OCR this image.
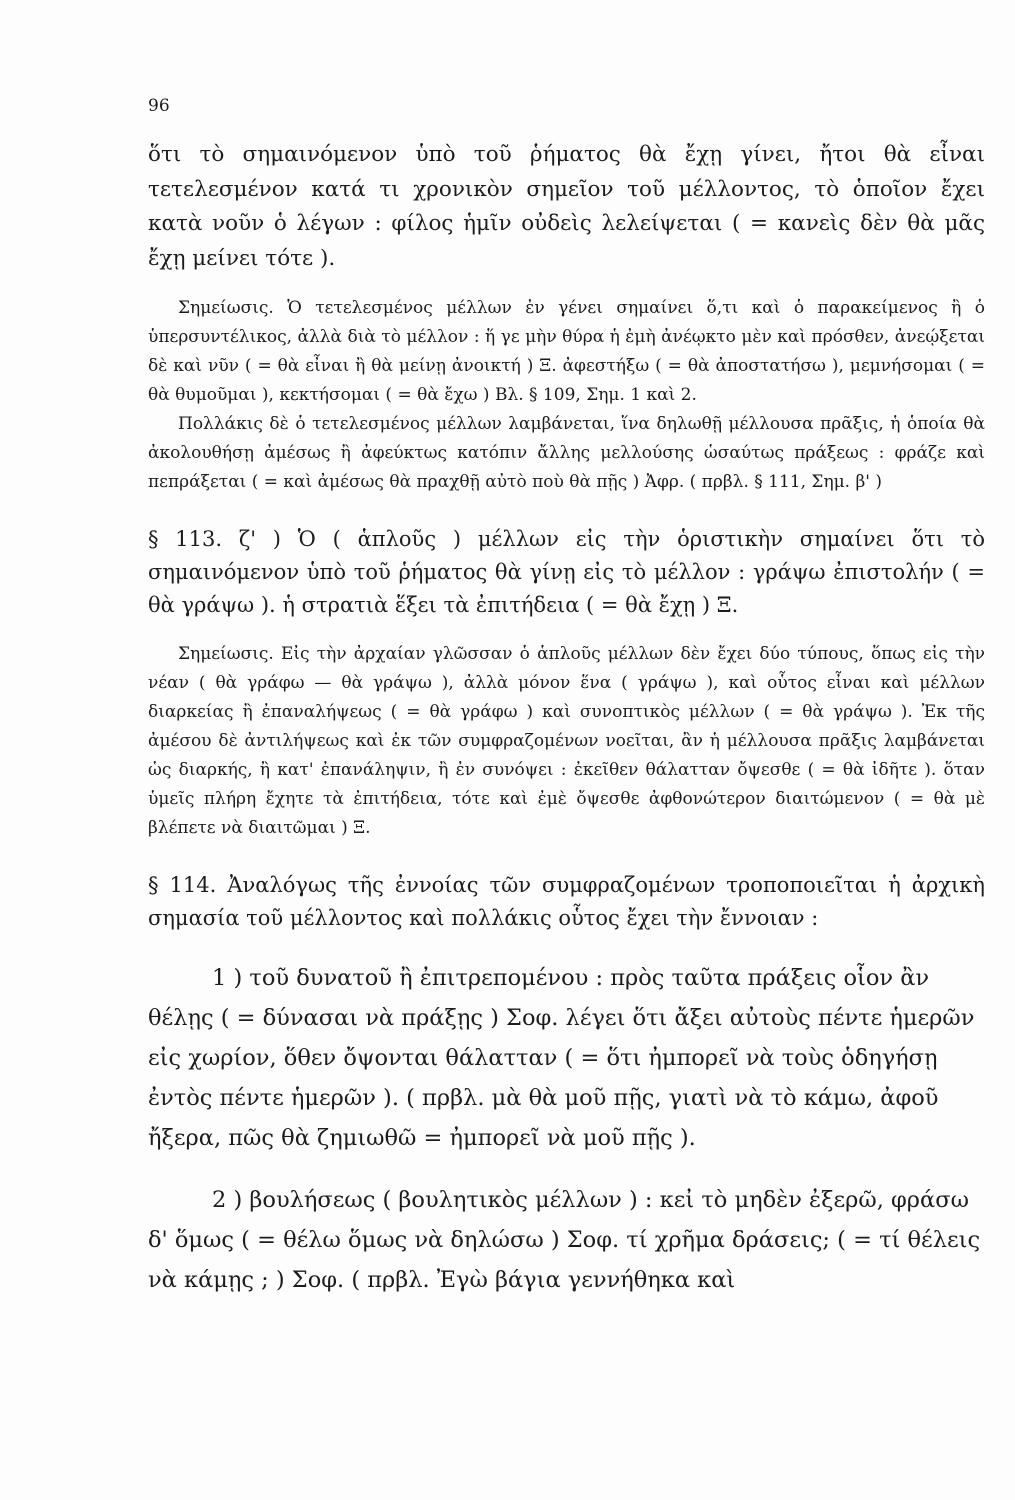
96

ὅτι τὸ σημαινόμενον ὑπὸ τοῦ ῥήματος θὰ ἔχῃ γίνει, ἤτοι θὰ εἶναι τετελεσμένον κατά τι χρονικὸν σημεῖον τοῦ μέλλοντος, τὸ ὁποῖον ἔχει κατὰ νοῦν ὁ λέγων : φίλος ἡμῖν οὐδεὶς λελείψεται ( = κανεὶς δὲν θὰ μᾶς ἔχῃ μείνει τότε ).

Σημείωσις. Ὁ τετελεσμένος μέλλων ἐν γένει σημαίνει ὅ,τι καὶ ὁ παρακείμενος ἢ ὁ ὑπερσυντέλικος, ἀλλὰ διὰ τὸ μέλλον : ἥ γε μὴν θύρα ἡ ἐμὴ ἀνέῳκτο μὲν καὶ πρόσθεν, ἀνεῴξεται δὲ καὶ νῦν ( = θὰ εἶναι ἢ θὰ μείνῃ ἀνοικτή ) Ξ. ἀφεστήξω ( = θὰ ἀποστατήσω ), μεμνήσομαι ( = θὰ θυμοῦμαι ), κεκτήσομαι ( = θὰ ἔχω ) Βλ. § 109, Σημ. 1 καὶ 2.

Πολλάκις δὲ ὁ τετελεσμένος μέλλων λαμβάνεται, ἵνα δηλωθῇ μέλλουσα πρᾶξις, ἡ ὁποία θὰ ἀκολουθήσῃ ἀμέσως ἢ ἀφεύκτως κατόπιν ἄλλης μελλούσης ὡσαύτως πράξεως : φράζε καὶ πεπράξεται ( = καὶ ἀμέσως θὰ πραχθῇ αὐτὸ ποὺ θὰ πῇς ) Ἀφρ. ( πρβλ. § 111, Σημ. β' )

§ 113. ζ' ) Ὁ ( ἁπλοῦς ) μέλλων εἰς τὴν ὁριστικὴν σημαίνει ὅτι τὸ σημαινόμενον ὑπὸ τοῦ ῥήματος θὰ γίνῃ εἰς τὸ μέλλον : γράψω ἐπιστολήν ( = θὰ γράψω ). ἡ στρατιὰ ἕξει τὰ ἐπιτήδεια ( = θὰ ἔχῃ ) Ξ.

Σημείωσις. Εἰς τὴν ἀρχαίαν γλῶσσαν ὁ ἁπλοῦς μέλλων δὲν ἔχει δύο τύπους, ὅπως εἰς τὴν νέαν ( θὰ γράφω — θὰ γράψω ), ἀλλὰ μόνον ἕνα ( γράψω ), καὶ οὗτος εἶναι καὶ μέλλων διαρκείας ἢ ἐπαναλήψεως ( = θὰ γράφω ) καὶ συνοπτικὸς μέλλων ( = θὰ γράψω ). Ἐκ τῆς ἀμέσου δὲ ἀντιλήψεως καὶ ἐκ τῶν συμφραζομένων νοεῖται, ἂν ἡ μέλλουσα πρᾶξις λαμβάνεται ὡς διαρκής, ἢ κατ' ἐπανάληψιν, ἢ ἐν συνόψει : ἐκεῖθεν θάλατταν ὄψεσθε ( = θὰ ἰδῆτε ). ὅταν ὑμεῖς πλήρη ἔχητε τὰ ἐπιτήδεια, τότε καὶ ἐμὲ ὄψεσθε ἀφθονώτερον διαιτώμενον ( = θὰ μὲ βλέπετε νὰ διαιτῶμαι ) Ξ.

§ 114. Ἀναλόγως τῆς ἐννοίας τῶν συμφραζομένων τροποποιεῖται ἡ ἀρχικὴ σημασία τοῦ μέλλοντος καὶ πολλάκις οὗτος ἔχει τὴν ἔννοιαν :

1 ) τοῦ δυνατοῦ ἢ ἐπιτρεπομένου : πρὸς ταῦτα πράξεις οἷον ἂν θέλῃς ( = δύνασαι νὰ πράξῃς ) Σοφ. λέγει ὅτι ἄξει αὐτοὺς πέντε ἡμερῶν εἰς χωρίον, ὅθεν ὄψονται θάλατταν ( = ὅτι ἠμπορεῖ νὰ τοὺς ὁδηγήσῃ ἐντὸς πέντε ἡμερῶν ). ( πρβλ. μὰ θὰ μοῦ πῇς, γιατὶ νὰ τὸ κάμω, ἀφοῦ ἤξερα, πῶς θὰ ζημιωθῶ = ἠμπορεῖ νὰ μοῦ πῇς ).

2 ) βουλήσεως ( βουλητικὸς μέλλων ) : κεἰ τὸ μηδὲν ἐξερῶ, φράσω δ' ὅμως ( = θέλω ὅμως νὰ δηλώσω ) Σοφ. τί χρῆμα δράσεις; ( = τί θέλεις νὰ κάμῃς ; ) Σοφ. ( πρβλ. Ἐγὼ βάγια γεννήθηκα καὶ
